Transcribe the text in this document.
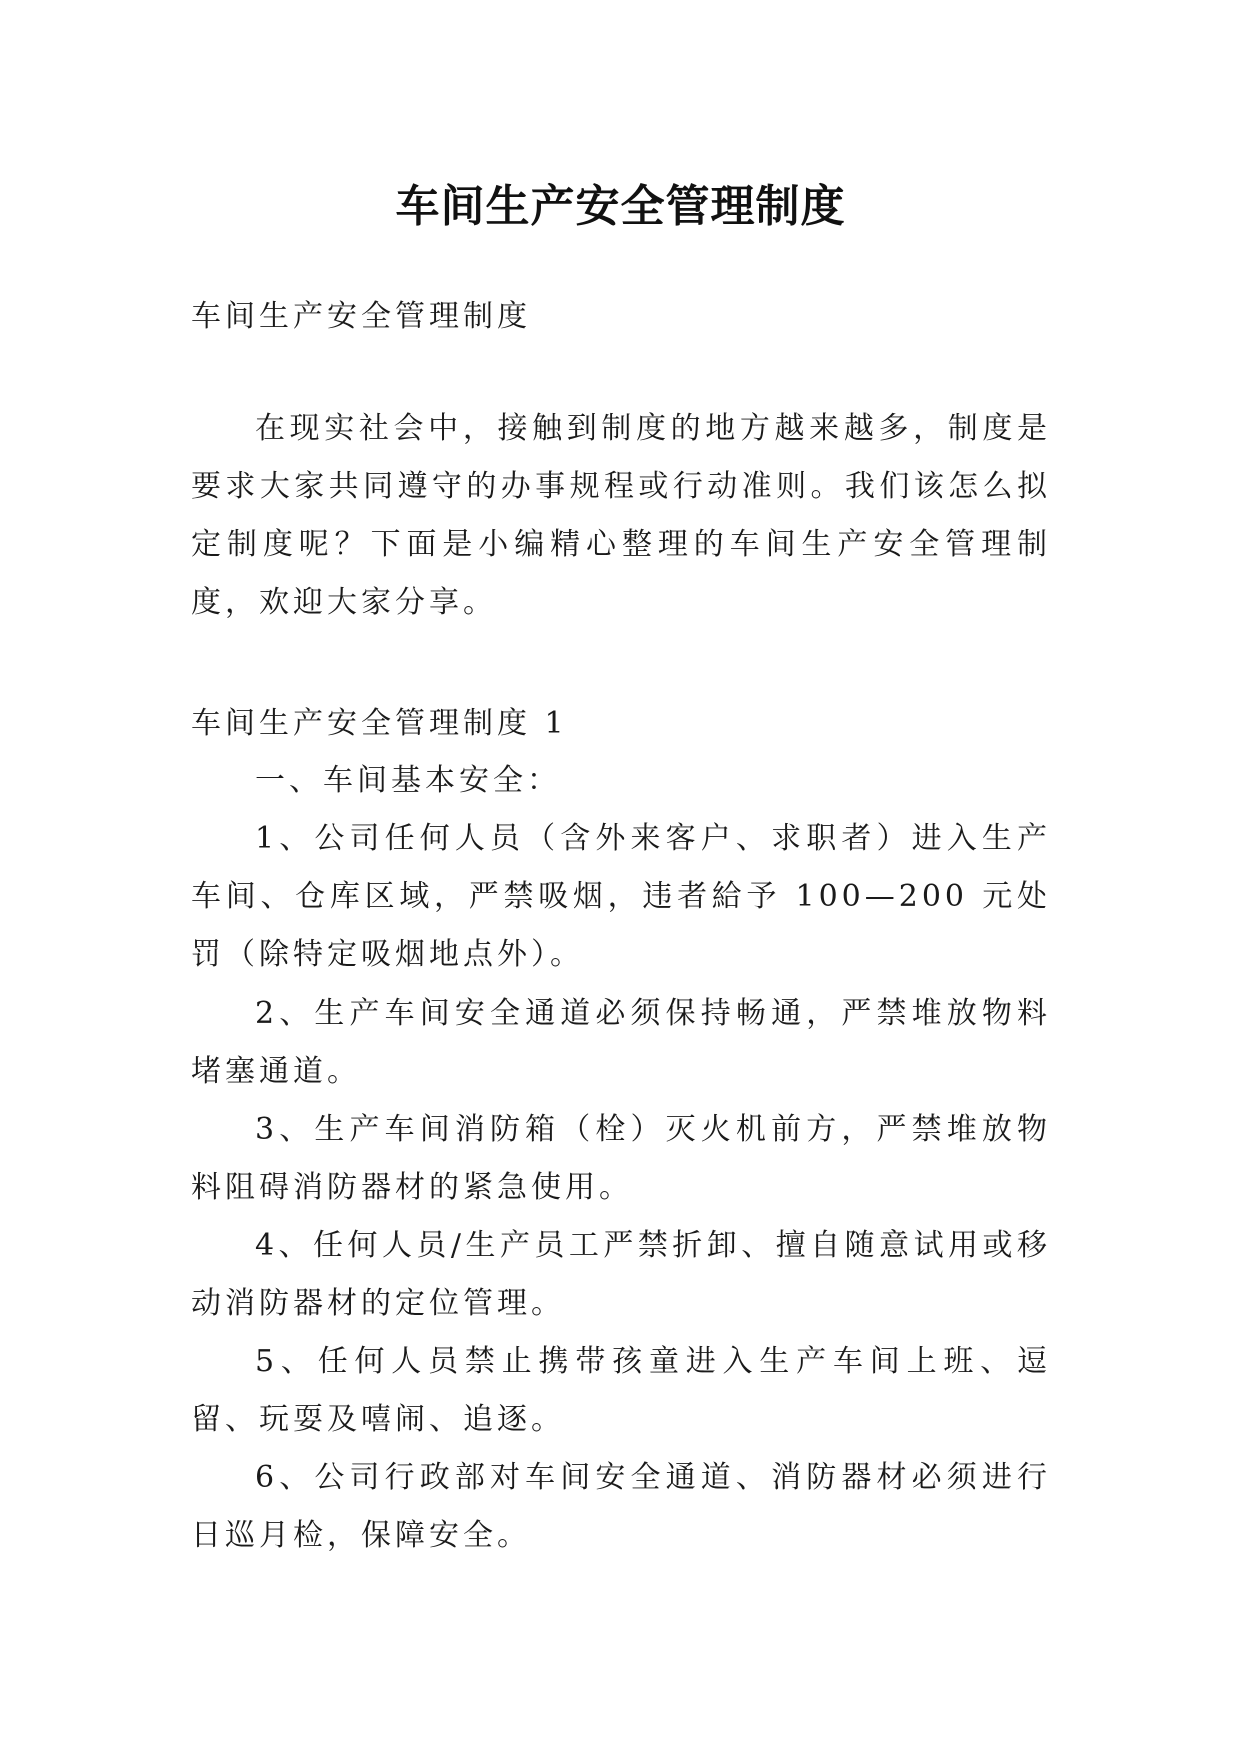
车间生产安全管理制度

车间生产安全管理制度

在现实社会中，接触到制度的地方越来越多，制度是要求大家共同遵守的办事规程或行动准则。我们该怎么拟定制度呢？下面是小编精心整理的车间生产安全管理制度，欢迎大家分享。

车间生产安全管理制度 1

一、车间基本安全：

1、公司任何人员（含外来客户、求职者）进入生产车间、仓库区域，严禁吸烟，违者給予 100—200 元处罚（除特定吸烟地点外）。

2、生产车间安全通道必须保持畅通，严禁堆放物料堵塞通道。

3、生产车间消防箱（栓）灭火机前方，严禁堆放物料阻碍消防器材的紧急使用。

4、任何人员/生产员工严禁折卸、擅自随意试用或移动消防器材的定位管理。

5、任何人员禁止携带孩童进入生产车间上班、逗留、玩耍及嘻闹、追逐。

6、公司行政部对车间安全通道、消防器材必须进行日巡月检，保障安全。
